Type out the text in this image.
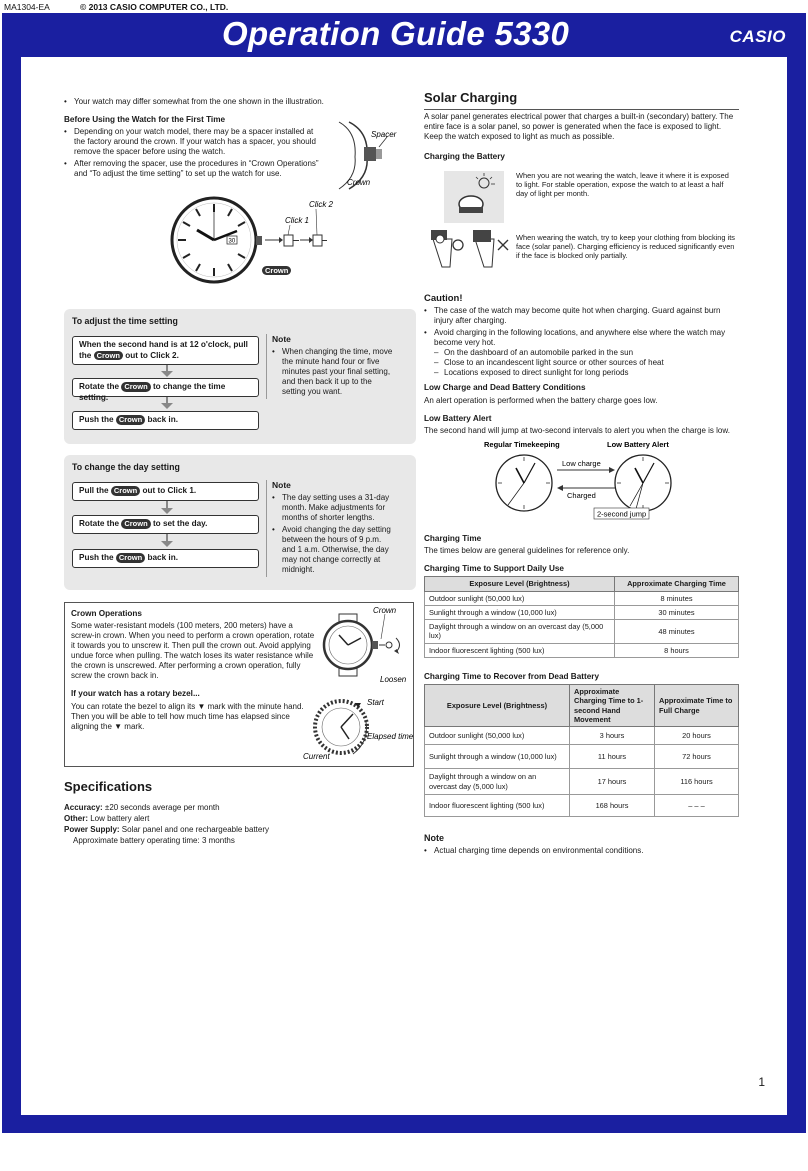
MA1304-EA	© 2013 CASIO COMPUTER CO., LTD.
Operation Guide 5330	CASIO
• Your watch may differ somewhat from the one shown in the illustration.
Before Using the Watch for the First Time
• Depending on your watch model, there may be a spacer installed at the factory around the crown. If your watch has a spacer, you should remove the spacer before using the watch.
• After removing the spacer, use the procedures in “Crown Operations” and “To adjust the time setting” to set up the watch for use.
Spacer
Crown
30
Click 1
Click 2
Crown
To adjust the time setting
When the second hand is at 12 o'clock, pull the Crown out to Click 2.
Rotate the Crown to change the time setting.
Push the Crown back in.
Note
• When changing the time, move the minute hand four or five minutes past your final setting, and then back it up to the setting you want.
To change the day setting
Pull the Crown out to Click 1.
Rotate the Crown to set the day.
Push the Crown back in.
Note
• The day setting uses a 31-day month. Make adjustments for months of shorter lengths.
• Avoid changing the day setting between the hours of 9 p.m. and 1 a.m. Otherwise, the day may not change correctly at midnight.
Crown Operations
Some water-resistant models (100 meters, 200 meters) have a screw-in crown. When you need to perform a crown operation, rotate it towards you to unscrew it. Then pull the crown out. Avoid applying undue force when pulling. The watch loses its water resistance while the crown is unscrewed. After performing a crown operation, fully screw the crown back in.
If your watch has a rotary bezel...
You can rotate the bezel to align its ▼ mark with the minute hand. Then you will be able to tell how much time has elapsed since aligning the ▼ mark.
Crown
Loosen
Start
Elapsed time
Current
Specifications

Accuracy: ±20 seconds average per month

Other: Low battery alert

Power Supply: Solar panel and one rechargeable battery

Approximate battery operating time: 3 months

Solar Charging
A solar panel generates electrical power that charges a built-in (secondary) battery. The entire face is a solar panel, so power is generated when the face is exposed to light. Keep the watch exposed to light as much as possible.
Charging the Battery
When you are not wearing the watch, leave it where it is exposed to light. For stable operation, expose the watch to at least a half day of light per month.
When wearing the watch, try to keep your clothing from blocking its face (solar panel). Charging efficiency is reduced significantly even if the face is blocked only partially.
Caution!
• The case of the watch may become quite hot when charging. Guard against burn injury after charging.
• Avoid charging in the following locations, and anywhere else where the watch may become very hot.
– On the dashboard of an automobile parked in the sun
– Close to an incandescent light source or other sources of heat
– Locations exposed to direct sunlight for long periods
Low Charge and Dead Battery Conditions
An alert operation is performed when the battery charge goes low.
Low Battery Alert
The second hand will jump at two-second intervals to alert you when the charge is low.
Regular Timekeeping	Low Battery Alert
Low charge
Charged
2-second jump
Charging Time
The times below are general guidelines for reference only.
Charging Time to Support Daily Use
Exposure Level (Brightness)	Approximate Charging Time
Outdoor sunlight (50,000 lux)	8 minutes
Sunlight through a window (10,000 lux)	30 minutes
Daylight through a window on an overcast day (5,000 lux)	48 minutes
Indoor fluorescent lighting (500 lux)	8 hours
Charging Time to Recover from Dead Battery
Exposure Level (Brightness)	Approximate Charging Time to 1-second Hand Movement	Approximate Time to Full Charge
Outdoor sunlight (50,000 lux)	3 hours	20 hours
Sunlight through a window (10,000 lux)	11 hours	72 hours
Daylight through a window on an overcast day (5,000 lux)	17 hours	116 hours
Indoor fluorescent lighting (500 lux)	168 hours	– – –
Note
• Actual charging time depends on environmental conditions.
1
